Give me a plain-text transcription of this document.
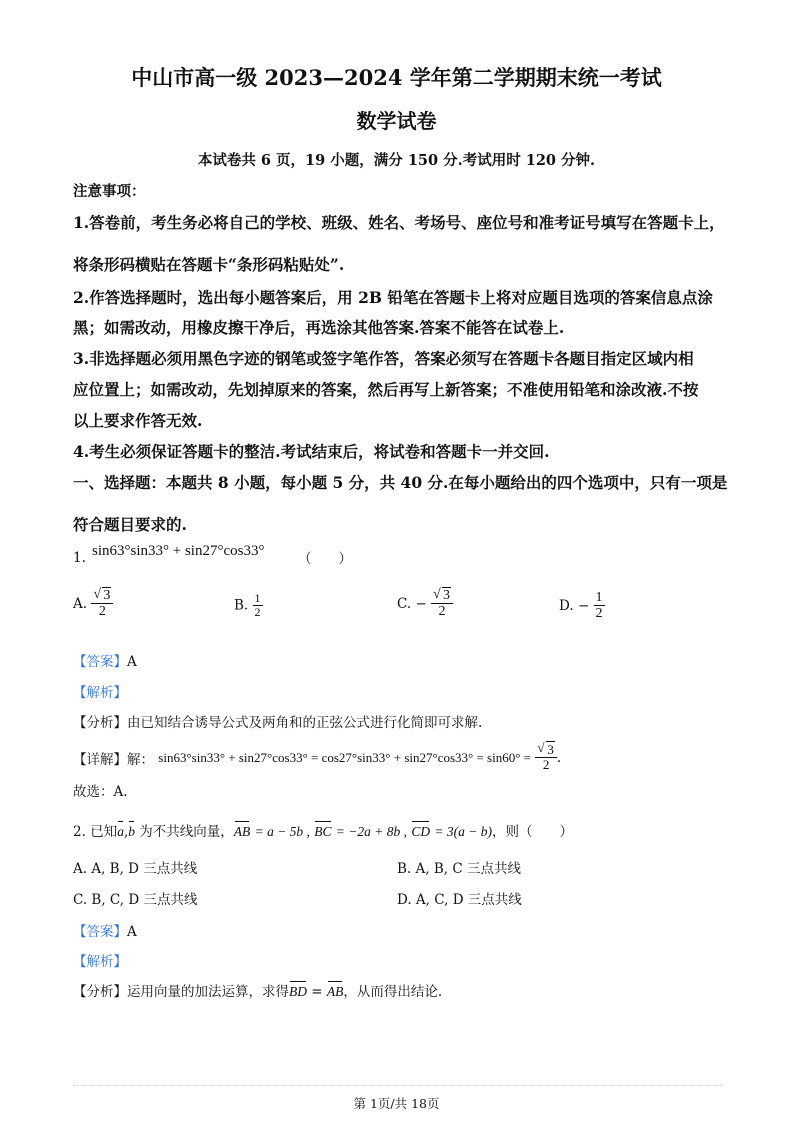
中山市高一级 2023—2024 学年第二学期期末统一考试
数学试卷
本试卷共 6 页，19 小题，满分 150 分.考试用时 120 分钟.
注意事项：
1.答卷前，考生务必将自己的学校、班级、姓名、考场号、座位号和准考证号填写在答题卡上，
将条形码横贴在答题卡“条形码粘贴处”.
2.作答选择题时，选出每小题答案后，用 2B 铅笔在答题卡上将对应题目选项的答案信息点涂
黑；如需改动，用橡皮擦干净后，再选涂其他答案.答案不能答在试卷上.
3.非选择题必须用黑色字迹的钢笔或签字笔作答，答案必须写在答题卡各题目指定区域内相
应位置上；如需改动，先划掉原来的答案，然后再写上新答案；不准使用铅笔和涂改液.不按
以上要求作答无效.
4.考生必须保证答题卡的整洁.考试结束后，将试卷和答题卡一并交回.
一、选择题：本题共 8 小题，每小题 5 分，共 40 分.在每小题给出的四个选项中，只有一项是
符合题目要求的.
1. sin63°sin33° + sin27°cos33° （　　）
A. √ $\frac{3}{2}$	B. $\frac{1}{2}$	C. − √ $\frac{3}{2}$	D. − $\frac{1}{2}$
【答案】A
【解析】
【分析】由已知结合诱导公式及两角和的正弦公式进行化简即可求解.
【详解】解： sin63°sin33° + sin27°cos33° = cos27°sin33° + sin27°cos33° = sin60° = √ $\frac{3}{2}$ .
故选：A.
2. 已知a,b 为不共线向量，AB = a − 5b , BC = −2a + 8b , CD = 3(a − b)，则（　　）
A. A, B, D 三点共线	B. A, B, C 三点共线
C. B, C, D 三点共线	D. A, C, D 三点共线
【答案】A
【解析】
【分析】运用向量的加法运算，求得BD = AB，从而得出结论.
第 1页/共 18页
